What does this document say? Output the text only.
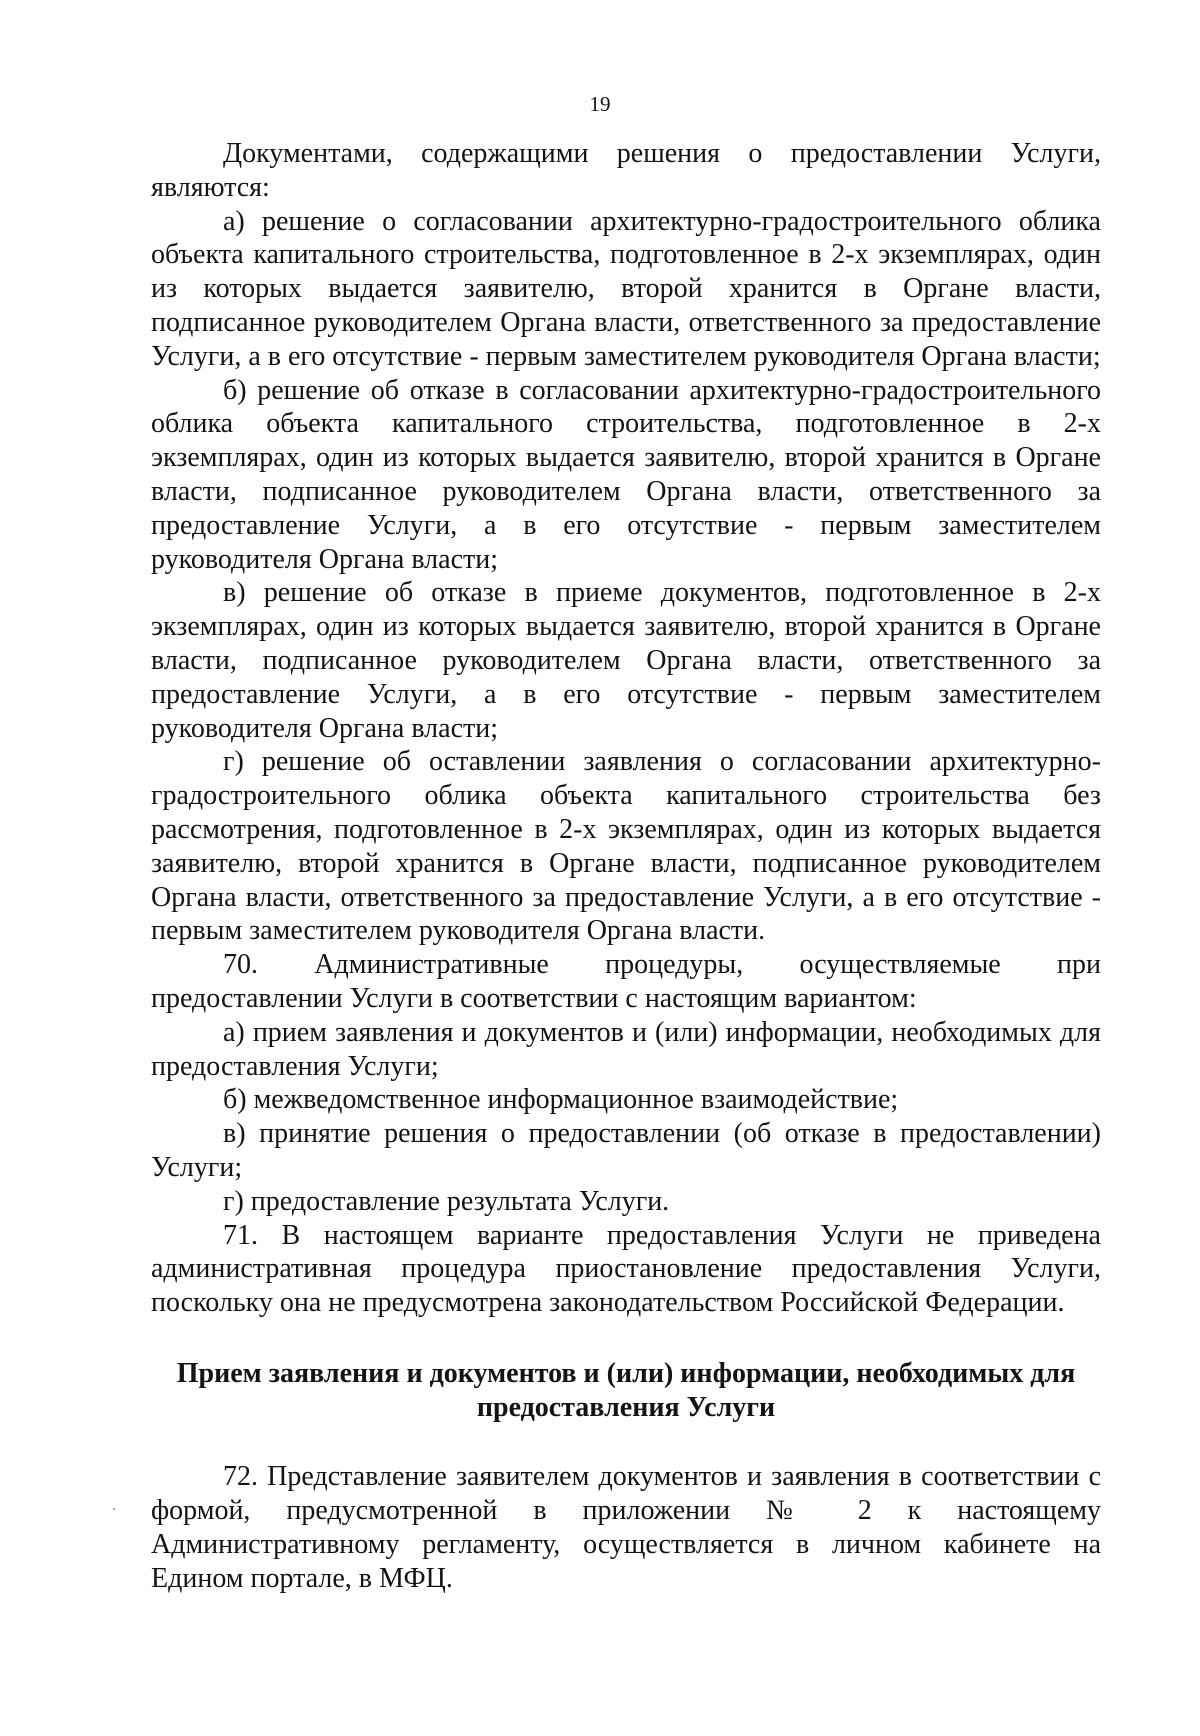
19

Документами, содержащими решения о предоставлении Услуги, являются:

а) решение о согласовании архитектурно-градостроительного облика объекта капитального строительства, подготовленное в 2-х экземплярах, один из которых выдается заявителю, второй хранится в Органе власти, подписанное руководителем Органа власти, ответственного за предоставление Услуги, а в его отсутствие - первым заместителем руководителя Органа власти;

б) решение об отказе в согласовании архитектурно-градостроительного облика объекта капитального строительства, подготовленное в 2-х экземплярах, один из которых выдается заявителю, второй хранится в Органе власти, подписанное руководителем Органа власти, ответственного за предоставление Услуги, а в его отсутствие - первым заместителем руководителя Органа власти;

в) решение об отказе в приеме документов, подготовленное в 2-х экземплярах, один из которых выдается заявителю, второй хранится в Органе власти, подписанное руководителем Органа власти, ответственного за предоставление Услуги, а в его отсутствие - первым заместителем руководителя Органа власти;

г) решение об оставлении заявления о согласовании архитектурно-градостроительного облика объекта капитального строительства без рассмотрения, подготовленное в 2-х экземплярах, один из которых выдается заявителю, второй хранится в Органе власти, подписанное руководителем Органа власти, ответственного за предоставление Услуги, а в его отсутствие - первым заместителем руководителя Органа власти.

70. Административные процедуры, осуществляемые при предоставлении Услуги в соответствии с настоящим вариантом:

а) прием заявления и документов и (или) информации, необходимых для предоставления Услуги;

б) межведомственное информационное взаимодействие;

в) принятие решения о предоставлении (об отказе в предоставлении) Услуги;

г) предоставление результата Услуги.

71. В настоящем варианте предоставления Услуги не приведена административная процедура приостановление предоставления Услуги, поскольку она не предусмотрена законодательством Российской Федерации.

Прием заявления и документов и (или) информации, необходимых для предоставления Услуги

72. Представление заявителем документов и заявления в соответствии с формой, предусмотренной в приложении № 2 к настоящему Административному регламенту, осуществляется в личном кабинете на Едином портале, в МФЦ.
